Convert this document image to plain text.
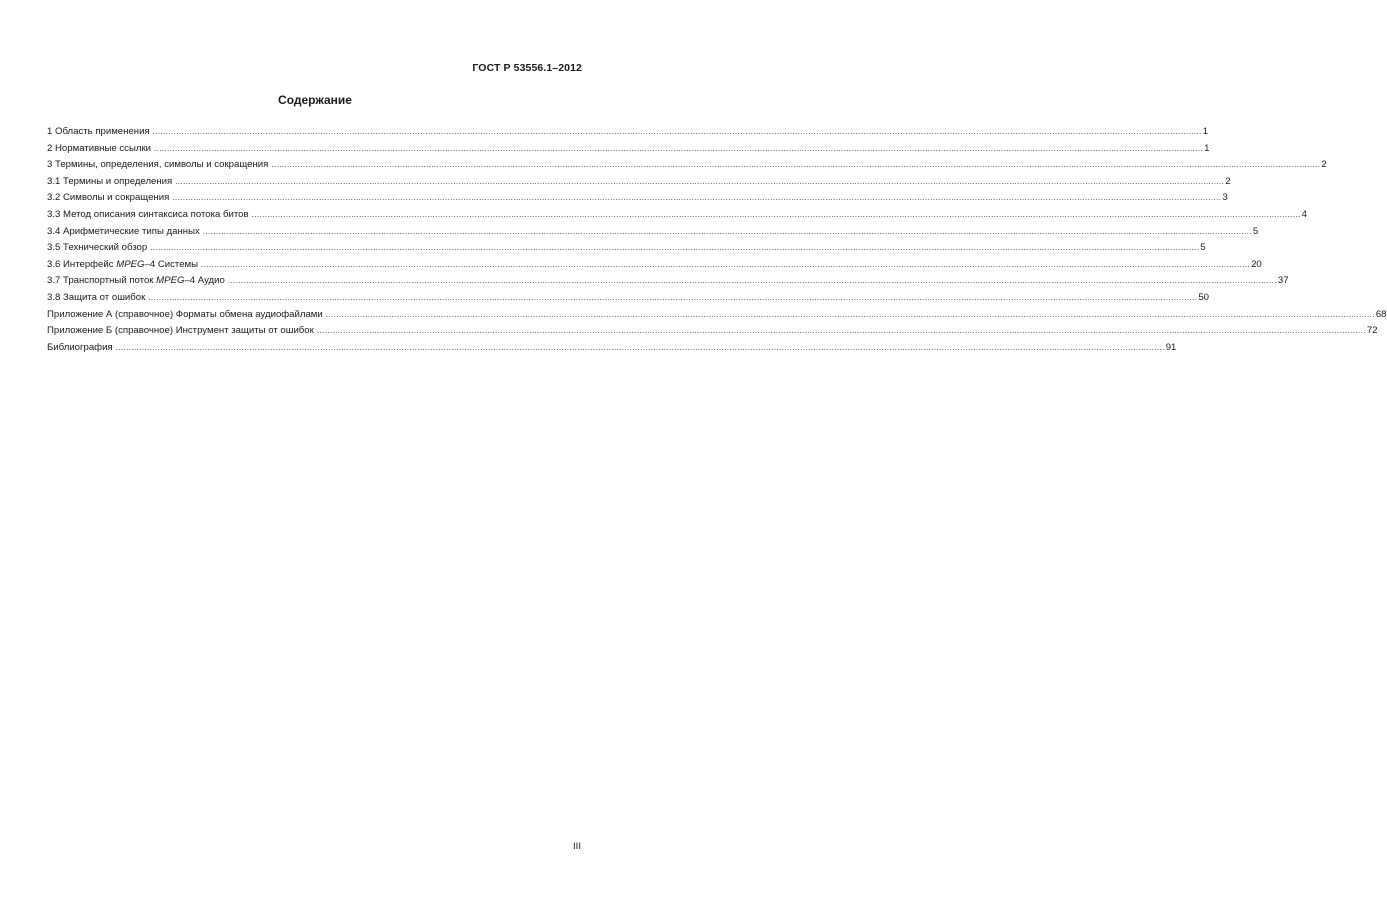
ГОСТ Р 53556.1–2012
Содержание
1 Область применения ................................................................................................................................................................................................................................................................................................................................................................................................................ 1
2 Нормативные ссылки ................................................................................................................................................................................................................................................................................................................................................................................................................ 1
3 Термины, определения, символы и сокращения ................................................................................................................................................................................................................................................................................................................................................................................................................ 2
3.1 Термины и определения ................................................................................................................................................................................................................................................................................................................................................................................................................ 2
3.2 Символы и сокращения ................................................................................................................................................................................................................................................................................................................................................................................................................ 3
3.3 Метод описания синтаксиса потока битов ................................................................................................................................................................................................................................................................................................................................................................................................................ 4
3.4 Арифметические типы данных ................................................................................................................................................................................................................................................................................................................................................................................................................ 5
3.5 Технический обзор ................................................................................................................................................................................................................................................................................................................................................................................................................ 5
3.6 Интерфейс MPEG–4 Системы ................................................................................................................................................................................................................................................................................................................................................................................................................ 20
3.7 Транспортный поток MPEG–4 Аудио ................................................................................................................................................................................................................................................................................................................................................................................................................ 37
3.8 Защита от ошибок ................................................................................................................................................................................................................................................................................................................................................................................................................ 50
Приложение А (справочное) Форматы обмена аудиофайлами ................................................................................................................................................................................................................................................................................................................................................................................................................ 68
Приложение Б (справочное) Инструмент защиты от ошибок ................................................................................................................................................................................................................................................................................................................................................................................................................ 72
Библиография ................................................................................................................................................................................................................................................................................................................................................................................................................ 91
III
